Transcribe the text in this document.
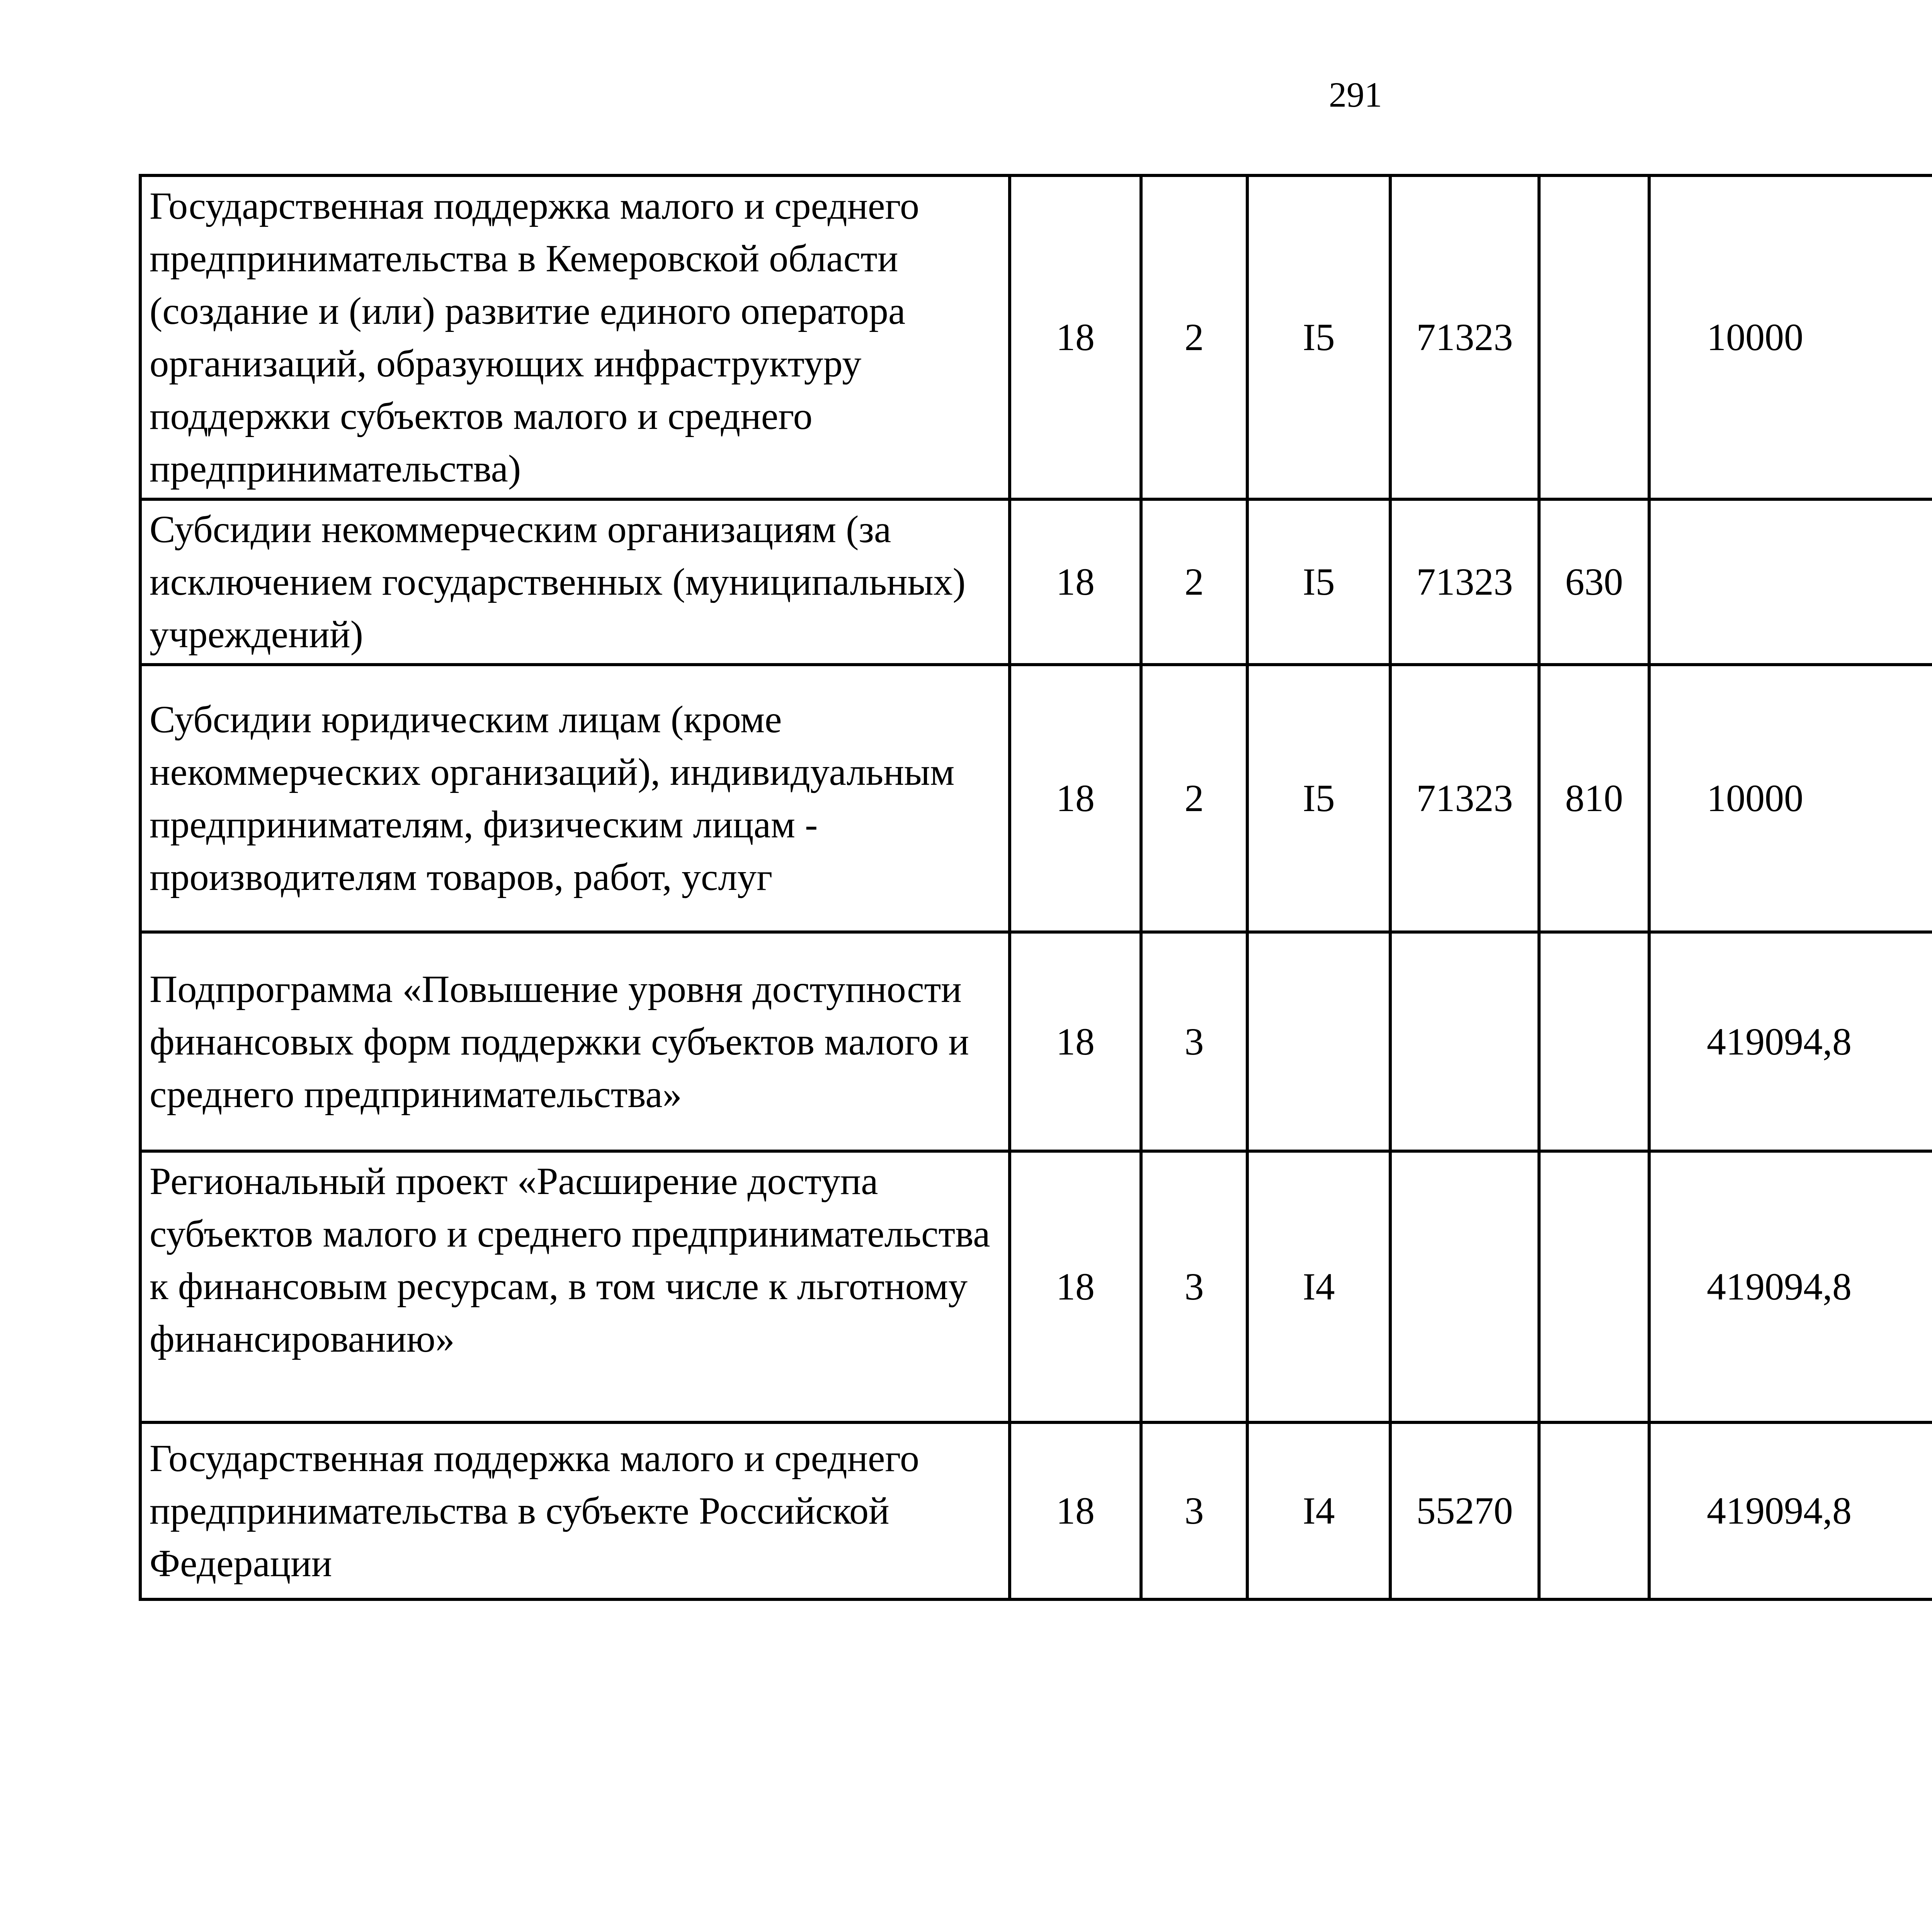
291
Государственная поддержка малого и среднего предпринимательства в Кемеровской области (создание и (или) развитие единого оператора организаций, образующих инфраструктуру поддержки субъектов малого и среднего предпринимательства)	18	2	I5	71323		10000		
Субсидии некоммерческим организациям (за исключением государственных (муниципальных) учреждений)	18	2	I5	71323	630			
Субсидии юридическим лицам (кроме некоммерческих организаций), индивидуальным предпринимателям, физическим лицам - производителям товаров, работ, услуг	18	2	I5	71323	810	10000		
Подпрограмма «Повышение уровня доступности финансовых форм поддержки субъектов малого и среднего предпринимательства»	18	3				419094,8		
Региональный проект «Расширение доступа субъектов малого и среднего предпринимательства к финансовым ресурсам, в том числе к льготному финансированию»	18	3	I4			419094,8		
Государственная поддержка малого и среднего предпринимательства в субъекте Российской Федерации	18	3	I4	55270		419094,8		
